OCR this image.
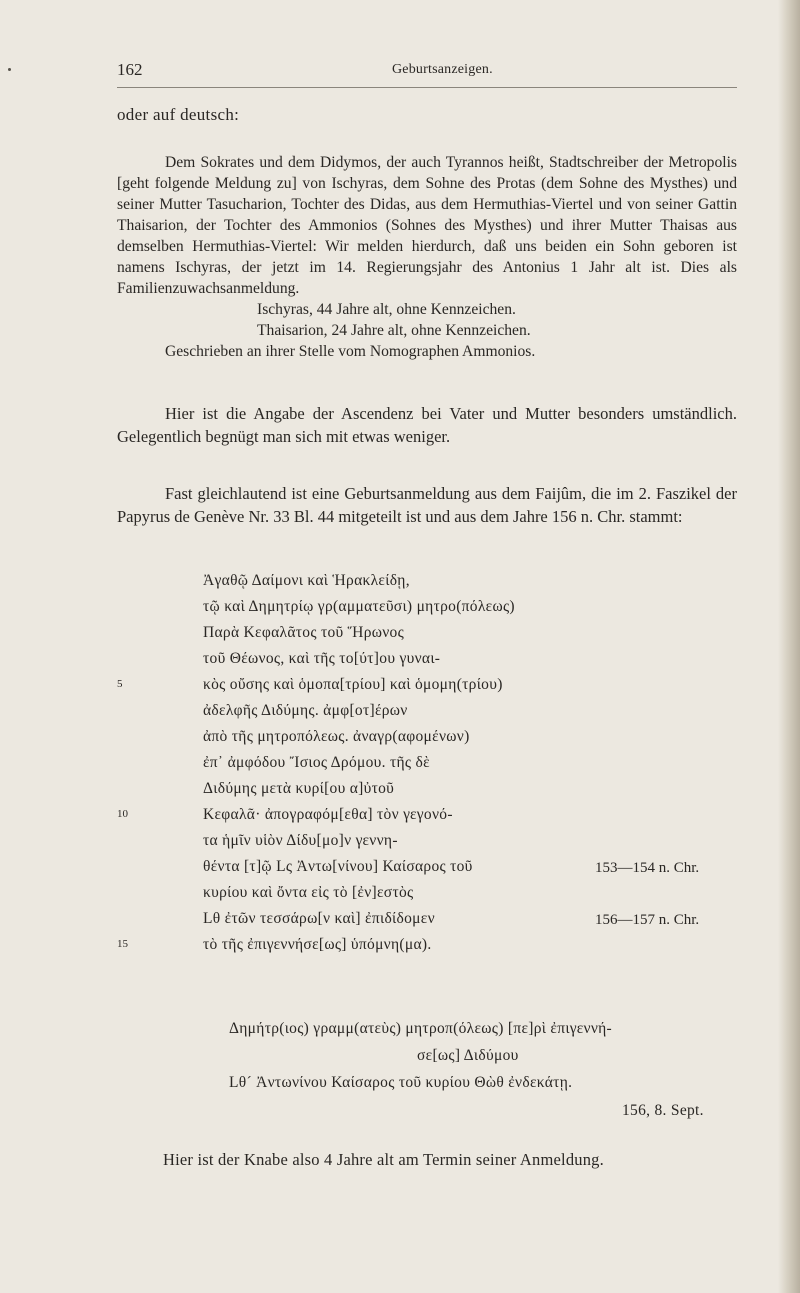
162	Geburtsanzeigen.
oder auf deutsch:

Dem Sokrates und dem Didymos, der auch Tyrannos heißt, Stadtschreiber der Metropolis [geht folgende Meldung zu] von Ischyras, dem Sohne des Protas (dem Sohne des Mysthes) und seiner Mutter Tasucharion, Tochter des Didas, aus dem Hermuthias-Viertel und von seiner Gattin Thaisarion, der Tochter des Ammonios (Sohnes des Mysthes) und ihrer Mutter Thaisas aus demselben Hermuthias-Viertel: Wir melden hierdurch, daß uns beiden ein Sohn geboren ist namens Ischyras, der jetzt im 14. Regierungsjahr des Antonius 1 Jahr alt ist. Dies als Familienzuwachsanmeldung.

Ischyras, 44 Jahre alt, ohne Kennzeichen.

Thaisarion, 24 Jahre alt, ohne Kennzeichen.

Geschrieben an ihrer Stelle vom Nomographen Ammonios.

Hier ist die Angabe der Ascendenz bei Vater und Mutter besonders umständlich. Gelegentlich begnügt man sich mit etwas weniger.

Fast gleichlautend ist eine Geburtsanmeldung aus dem Faijûm, die im 2. Faszikel der Papyrus de Genève Nr. 33 Bl. 44 mitgeteilt ist und aus dem Jahre 156 n. Chr. stammt:

Ἀγαθῷ Δαίμονι καὶ Ἡρακλείδῃ,
τῷ καὶ Δημητρίῳ γρ(αμματεῦσι) μητρο(πόλεως)
Παρὰ Κεφαλᾶτος τοῦ Ἥρωνος
τοῦ Θέωνος, καὶ τῆς το[ύτ]ου γυναι-
5	κὸς οὔσης καὶ ὁμοπα[τρίου] καὶ ὁμομη(τρίου)
ἀδελφῆς Διδύμης. ἀμφ[οτ]έρων
ἀπὸ τῆς μητροπόλεως. ἀναγρ(αφομένων)
ἐπ᾿ ἀμφόδου Ἴσιος Δρόμου. τῆς δὲ
Διδύμης μετὰ κυρί[ου α]ὐτοῦ
10	Κεφαλᾶ· ἀπογραφόμ[εθα] τὸν γεγονό-
τα ἡμῖν υἱὸν Δίδυ[μο]ν γεννη-
θέντα [τ]ῷ Lς Ἀντω[νίνου] Καίσαρος τοῦ	153—154 n. Chr.
κυρίου καὶ ὄντα εἰς τὸ [ἐν]εστὸς
Lθ ἐτῶν τεσσάρω[ν καὶ] ἐπιδίδομεν	156—157 n. Chr.
15	τὸ τῆς ἐπιγεννήσε[ως] ὑπόμνη(μα).
Δημήτρ(ιος) γραμμ(ατεὺς) μητροπ(όλεως) [πε]ρὶ ἐπιγεννή-
σε[ως] Διδύμου
Lθ´ Ἀντωνίνου Καίσαρος τοῦ κυρίου Θὼθ ἐνδεκάτῃ.
156, 8. Sept.
Hier ist der Knabe also 4 Jahre alt am Termin seiner Anmeldung.
